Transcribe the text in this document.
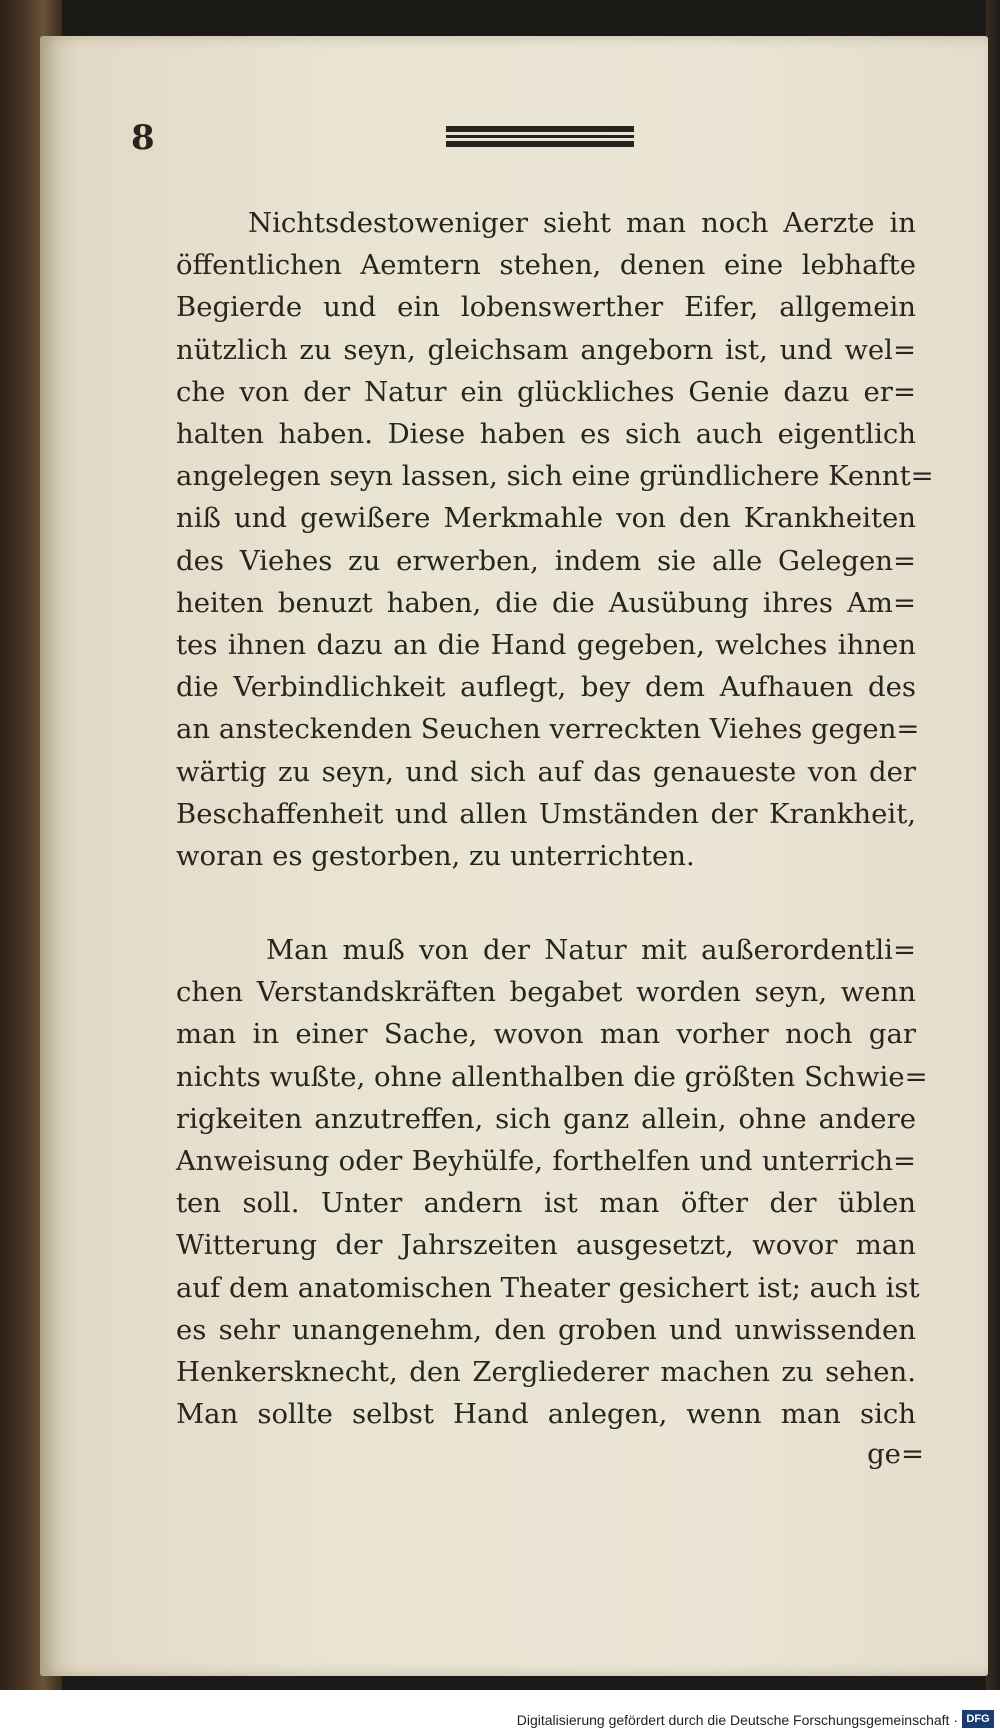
8
Nichtsdestoweniger sieht man noch Aerzte in
öffentlichen Aemtern stehen, denen eine lebhafte
Begierde und ein lobenswerther Eifer, allgemein
nützlich zu seyn, gleichsam angeborn ist, und wel=
che von der Natur ein glückliches Genie dazu er=
halten haben. Diese haben es sich auch eigentlich
angelegen seyn lassen, sich eine gründlichere Kennt=
niß und gewißere Merkmahle von den Krankheiten
des Viehes zu erwerben, indem sie alle Gelegen=
heiten benuzt haben, die die Ausübung ihres Am=
tes ihnen dazu an die Hand gegeben, welches ihnen
die Verbindlichkeit auflegt, bey dem Aufhauen des
an ansteckenden Seuchen verreckten Viehes gegen=
wärtig zu seyn, und sich auf das genaueste von der
Beschaffenheit und allen Umständen der Krankheit,
woran es gestorben, zu unterrichten.
Man muß von der Natur mit außerordentli=
chen Verstandskräften begabet worden seyn, wenn
man in einer Sache, wovon man vorher noch gar
nichts wußte, ohne allenthalben die größten Schwie=
rigkeiten anzutreffen, sich ganz allein, ohne andere
Anweisung oder Beyhülfe, forthelfen und unterrich=
ten soll. Unter andern ist man öfter der üblen
Witterung der Jahrszeiten ausgesetzt, wovor man
auf dem anatomischen Theater gesichert ist; auch ist
es sehr unangenehm, den groben und unwissenden
Henkersknecht, den Zergliederer machen zu sehen.
Man sollte selbst Hand anlegen, wenn man sich
ge=
Digitalisierung gefördert durch die Deutsche Forschungsgemeinschaft · DFG
